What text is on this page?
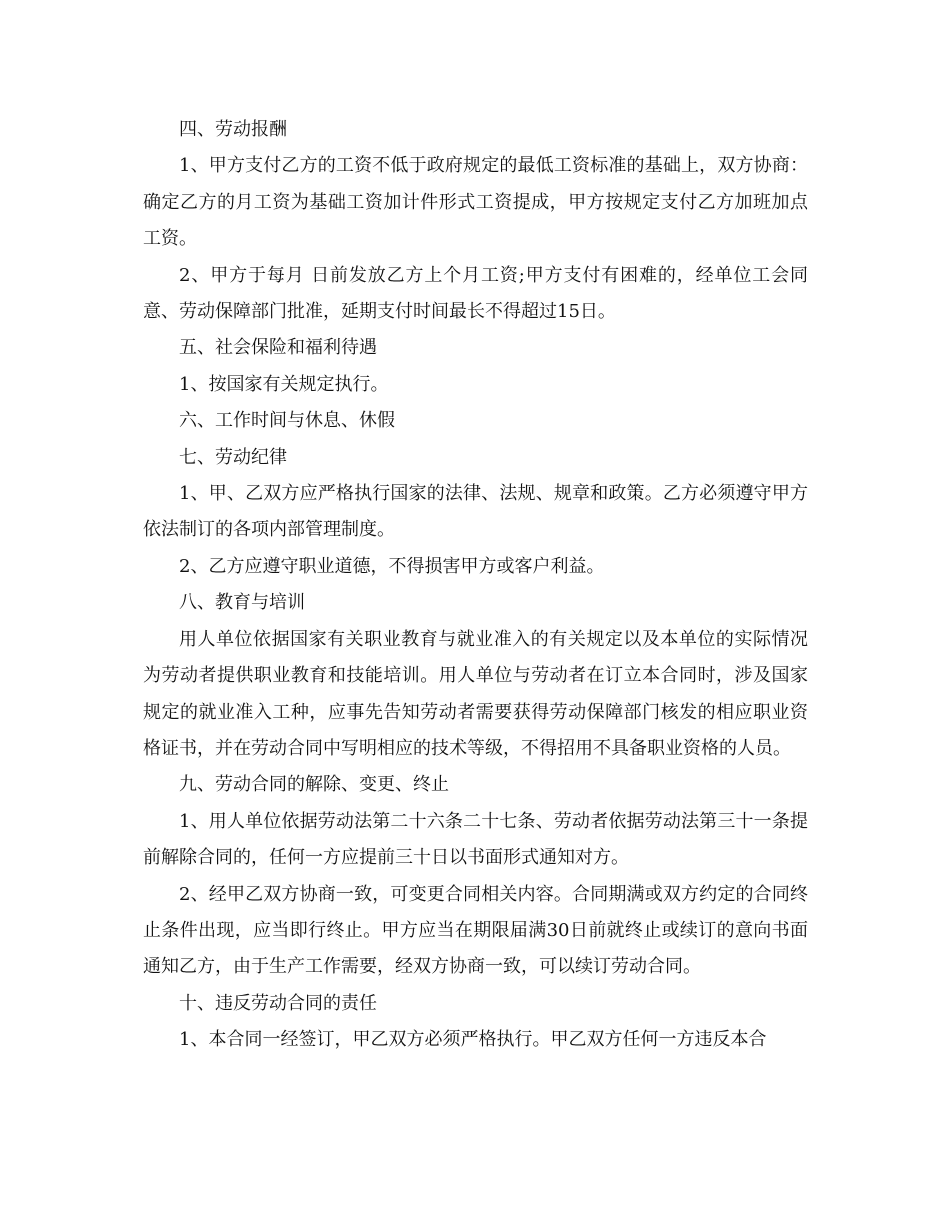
四、劳动报酬

1、甲方支付乙方的工资不低于政府规定的最低工资标准的基础上，双方协商：确定乙方的月工资为基础工资加计件形式工资提成，甲方按规定支付乙方加班加点工资。

2、甲方于每月 日前发放乙方上个月工资;甲方支付有困难的，经单位工会同意、劳动保障部门批准，延期支付时间最长不得超过15日。

五、社会保险和福利待遇

1、按国家有关规定执行。

六、工作时间与休息、休假

七、劳动纪律

1、甲、乙双方应严格执行国家的法律、法规、规章和政策。乙方必须遵守甲方依法制订的各项内部管理制度。

2、乙方应遵守职业道德，不得损害甲方或客户利益。

八、教育与培训

用人单位依据国家有关职业教育与就业准入的有关规定以及本单位的实际情况为劳动者提供职业教育和技能培训。用人单位与劳动者在订立本合同时，涉及国家规定的就业准入工种，应事先告知劳动者需要获得劳动保障部门核发的相应职业资格证书，并在劳动合同中写明相应的技术等级，不得招用不具备职业资格的人员。

九、劳动合同的解除、变更、终止

1、用人单位依据劳动法第二十六条二十七条、劳动者依据劳动法第三十一条提前解除合同的，任何一方应提前三十日以书面形式通知对方。

2、经甲乙双方协商一致，可变更合同相关内容。合同期满或双方约定的合同终止条件出现，应当即行终止。甲方应当在期限届满30日前就终止或续订的意向书面通知乙方，由于生产工作需要，经双方协商一致，可以续订劳动合同。

十、违反劳动合同的责任

1、本合同一经签订，甲乙双方必须严格执行。甲乙双方任何一方违反本合
